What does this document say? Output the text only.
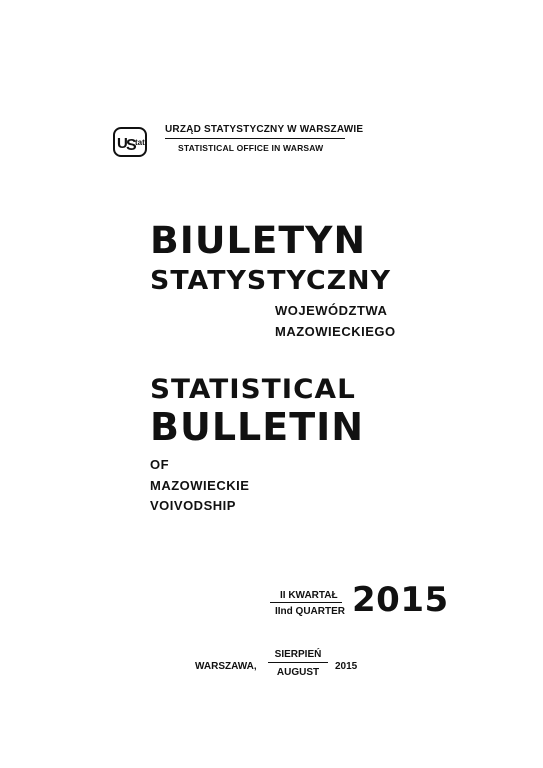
U
S
tat
URZĄD STATYSTYCZNY W WARSZAWIE
STATISTICAL OFFICE IN WARSAW
BIULETYN
STATYSTYCZNY
WOJEWÓDZTWA
MAZOWIECKIEGO
STATISTICAL
BULLETIN
OF
MAZOWIECKIE
VOIVODSHIP
II KWARTAŁ
IInd QUARTER 2015
WARSZAWA,
SIERPIEŃ
AUGUST
2015
